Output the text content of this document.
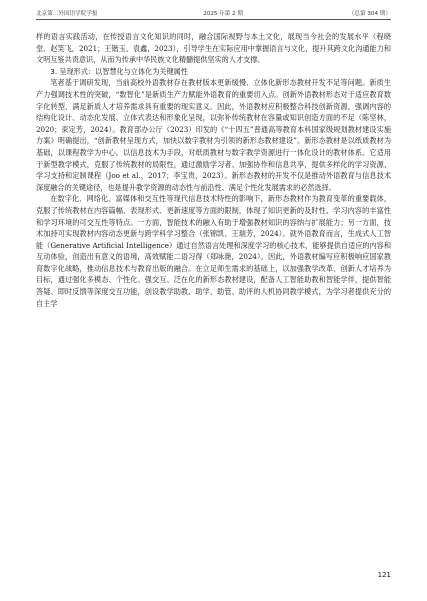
北京第二外国语学院学报	2025 年第 2 期	（总第 304 期）

样的语言实践活动，在传授语言文化知识的同时，融合国际视野与本土文化，展现当今社会的发展水平（程晓堂、赵笑飞，2021；王锴玉、袁鑫，2023），引导学生在实际应用中掌握语言与文化，提升其跨文化沟通能力和文明互鉴共责意识，从而为传承中华民族文化精髓提供坚实的人才支撑。

3. 呈现形式：以智慧化与立体化为关键属性

笔者基于调研发现，当前高校外语教材存在教材版本更新缓慢、立体化新形态教材开发不足等问题。新质生产力强调技术性的突破，“数智化”是新质生产力赋能外语教育的重要切入点。创新外语教材形态对于适应教育数字化转型、满足新质人才培养需求具有重要的现实意义。因此，外语教材应积极整合科技创新资源，强调内容的结构化设计、动态化发展、立体式表达和形象化呈现，以弥补传统教材在容量或知识创造方面的不足（陈坚林，2020；束定芳，2024）。教育部办公厅（2023）印发的《“十四五”普通高等教育本科国家级规划教材建设实施方案》明确提出，“创新教材呈现方式，加快以数字教材为引领的新形态教材建设”。新形态教材是以纸质教材为基础，以课程教学为中心，以信息技术为手段，对纸质教材与数字教学资源进行一体化设计的教材体系。它适用于新型教学模式，克服了传统教材的局限性，通过激励学习者、加强协作和信息共享，提供多样化的学习资源、学习支持和定制课程（Joo et al.，2017；李宝贵，2023）。新形态教材的开发不仅是推动外语教育与信息技术深度融合的关键途径，也是提升教学资源的动态性与前沿性、满足个性化发展需求的必然选择。

在数字化、网络化、富媒体和交互性等现代信息技术特性的影响下，新形态教材作为教育变革的重要载体，克服了传统教材在内容篇幅、表现形式、更新速度等方面的限制，体现了知识更新的及时性、学习内容的丰富性和学习环境的可交互性等特点。一方面，智能技术的融入有助于增强教材知识的容纳与扩展能力；另一方面，技术加持可实现教材内容动态更新与跨学科学习整合（张锦凯、王瑞芳，2024）。就外语教育而言，生成式人工智能（Generative Artificial Intelligence）通过自然语言处理和深度学习的核心技术，能够提供自适应的内容和互动体验，创造出有意义的语境，高效赋能二语习得（郑咏滟，2024）。因此，外语教材编写应积极响应国家教育数字化战略，推动信息技术与教育出版的融合。在立足师生需求的基础上，以加强教学改革、创新人才培养为目标，通过强化多模态、个性化、强交互、泛在化的新形态教材建设，配备人工智能助教和智能学伴，提供智能答疑、即时反馈等深度交互功能，创设教学助教、助学、助管、助评的人机协同教学模式，为学习者提供充分的自主学

121
